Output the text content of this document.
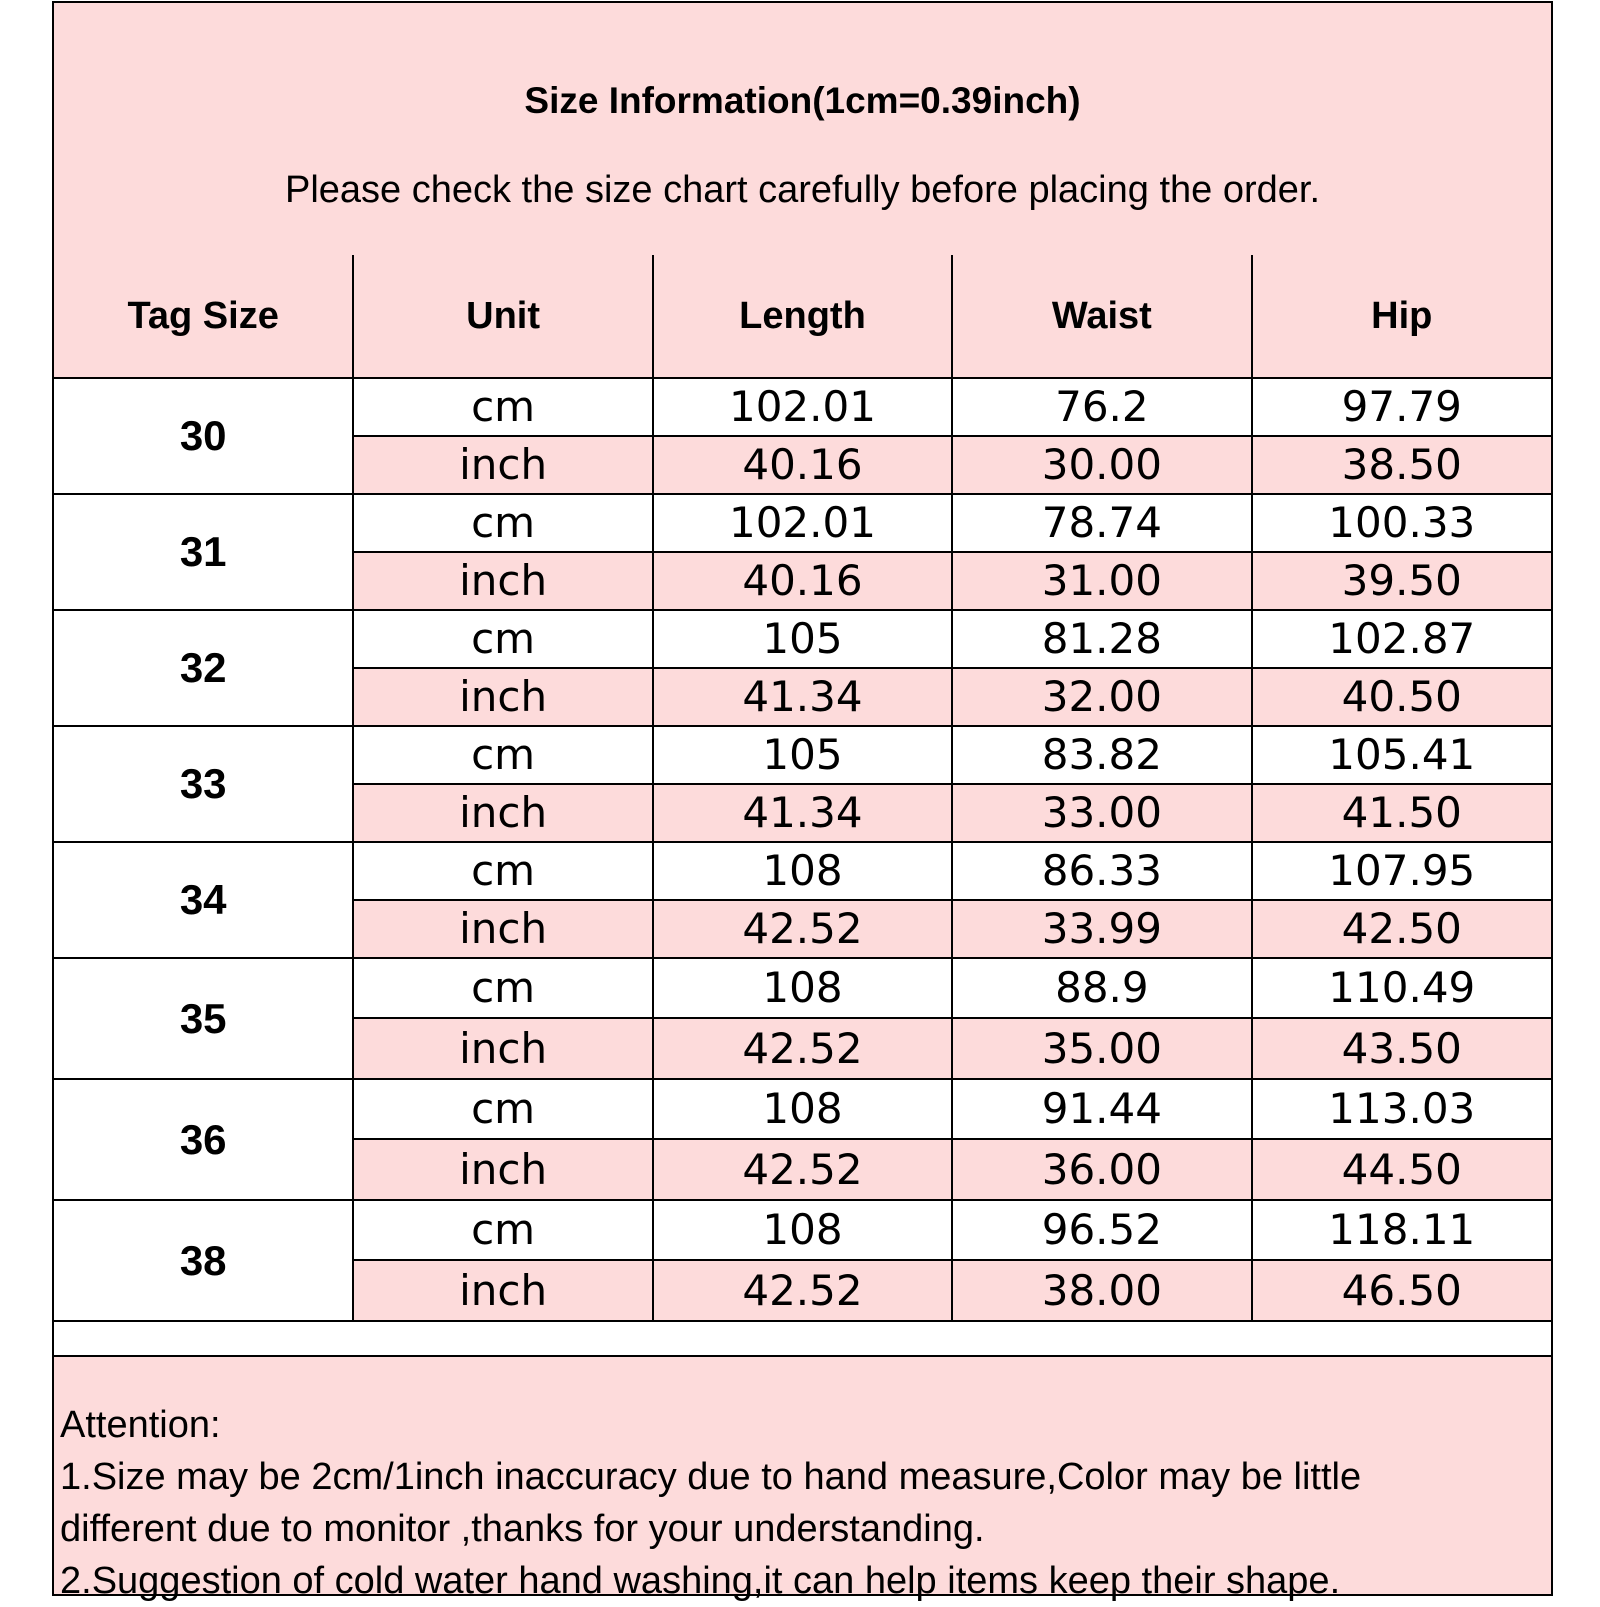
Size Information(1cm=0.39inch)
Please check the size chart carefully before placing the order.
Tag Size	Unit	Length	Waist	Hip
30	cm	102.01	76.2	97.79
	inch	40.16	30.00	38.50
31	cm	102.01	78.74	100.33
	inch	40.16	31.00	39.50
32	cm	105	81.28	102.87
	inch	41.34	32.00	40.50
33	cm	105	83.82	105.41
	inch	41.34	33.00	41.50
34	cm	108	86.33	107.95
	inch	42.52	33.99	42.50
35	cm	108	88.9	110.49
	inch	42.52	35.00	43.50
36	cm	108	91.44	113.03
	inch	42.52	36.00	44.50
38	cm	108	96.52	118.11
	inch	42.52	38.00	46.50
Attention:
1.Size may be 2cm/1inch inaccuracy due to hand measure,Color may be little
different due to monitor ,thanks for your understanding.
2.Suggestion of cold water hand washing,it can help items keep their shape.
